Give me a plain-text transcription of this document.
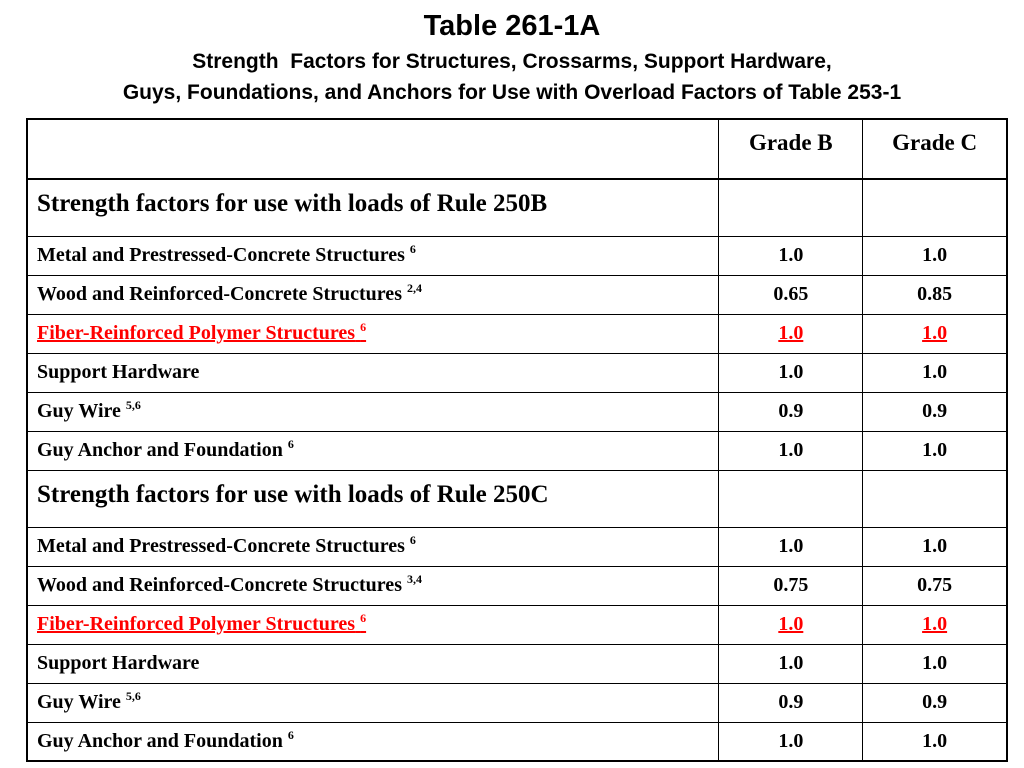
Table 261-1A
Strength  Factors for Structures, Crossarms, Support Hardware,
Guys, Foundations, and Anchors for Use with Overload Factors of Table 253-1
	Grade B	Grade C
Strength factors for use with loads of Rule 250B		
Metal and Prestressed-Concrete Structures $^6$	1.0	1.0
Wood and Reinforced-Concrete Structures $^{2,4}$	0.65	0.85
Fiber-Reinforced Polymer Structures $^6$	1.0	1.0
Support Hardware	1.0	1.0
Guy Wire $^{5,6}$	0.9	0.9
Guy Anchor and Foundation $^6$	1.0	1.0
Strength factors for use with loads of Rule 250C		
Metal and Prestressed-Concrete Structures $^6$	1.0	1.0
Wood and Reinforced-Concrete Structures $^{3,4}$	0.75	0.75
Fiber-Reinforced Polymer Structures $^6$	1.0	1.0
Support Hardware	1.0	1.0
Guy Wire $^{5,6}$	0.9	0.9
Guy Anchor and Foundation $^6$	1.0	1.0
